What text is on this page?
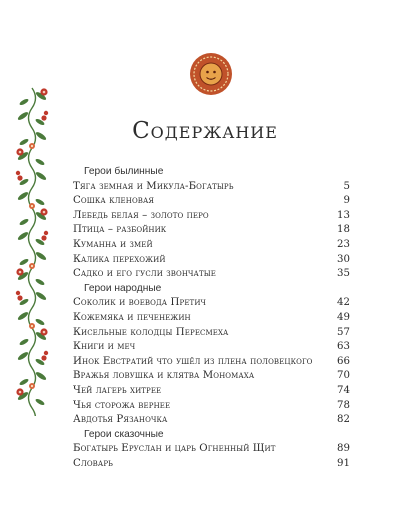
Содержание
Герои былинные
Тяга земная и Микула-Богатырь	5
Сошка кленовая	9
Лебедь белая – золото перо	13
Птица – разбойник	18
Куманна и змей	23
Калика перехожий	30
Садко и его гусли звончатые	35
Герои народные
Соколик и воевода Претич	42
Кожемяка и печенежин	49
Кисельные колодцы Пересмеха	57
Книги и меч	63
Инок Евстратий что ушёл из плена половецкого 66
Вражья ловушка и клятва Мономаха	70
Чей лагерь хитрее	74
Чья сторожа вернее	78
Авдотья Рязаночка	82
Герои сказочные
Богатырь Еруслан и царь Огненный Щит	89
Словарь	91
